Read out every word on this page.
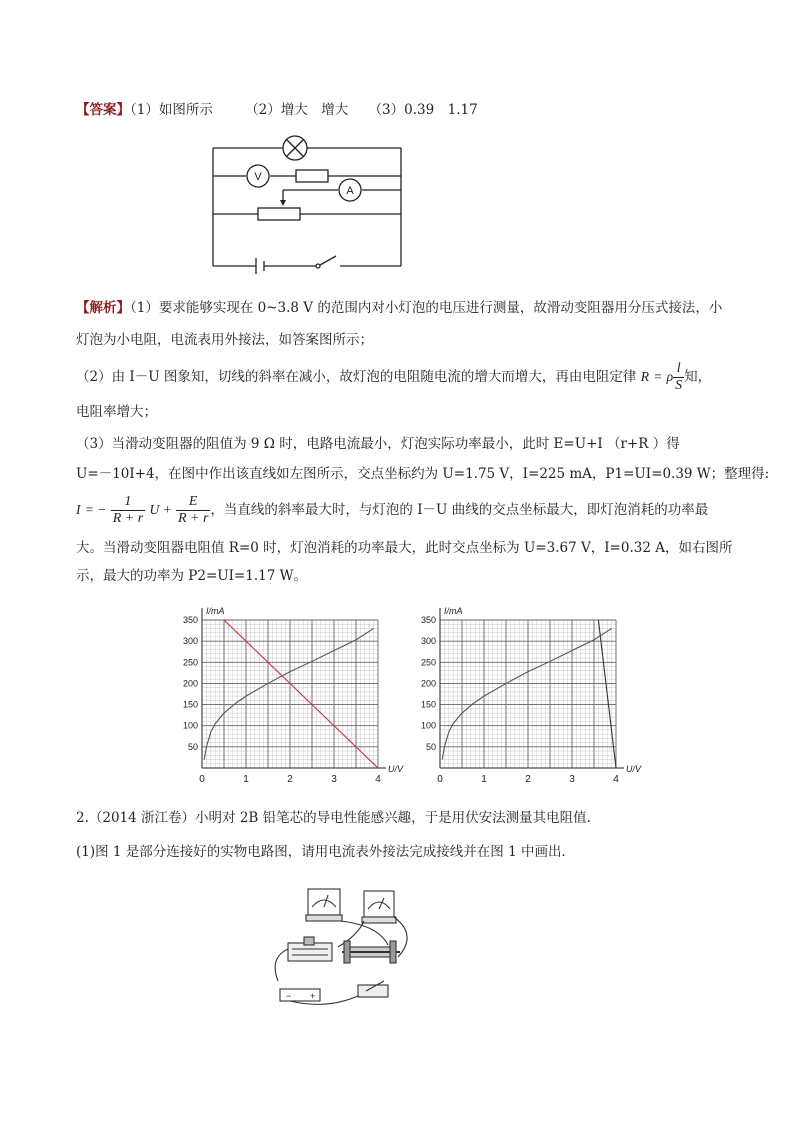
【答案】（1）如图所示 （2）增大　增大 （3）0.39　1.17
V
A
【解析】（1）要求能够实现在 0~3.8 V 的范围内对小灯泡的电压进行测量，故滑动变阻器用分压式接法，小
灯泡为小电阻，电流表用外接法，如答案图所示；
（2）由 I－U 图象知，切线的斜率在减小，故灯泡的电阻随电流的增大而增大，再由电阻定律 R = ρ $\frac{l}{S}$ 知，
电阻率增大；
（3）当滑动变阻器的阻值为 9 Ω 时，电路电流最小，灯泡实际功率最小，此时 E=U+I （r+R ）得
U=－10I+4，在图中作出该直线如左图所示，交点坐标约为 U=1.75 V，I=225 mA，P1=UI=0.39 W；整理得:
I = − $\frac{1}{R + r}$ $U + \frac{E}{R + r}$ ，当直线的斜率最大时，与灯泡的 I－U 曲线的交点坐标最大，即灯泡消耗的功率最
大。当滑动变阻器电阻值 R=0 时，灯泡消耗的功率最大，此时交点坐标为 U=3.67 V，I=0.32 A，如右图所
示，最大的功率为 P2=UI=1.17 W。
0	1	2	3	4
50
100
150
200
250
300
350
U/V
I/mA
0	1	2	3	4
50
100
150
200
250
300
350
U/V
I/mA
2.（2014 浙江卷）小明对 2B 铅笔芯的导电性能感兴趣，于是用伏安法测量其电阻值．
(1)图 1 是部分连接好的实物电路图，请用电流表外接法完成接线并在图 1 中画出．
− +
